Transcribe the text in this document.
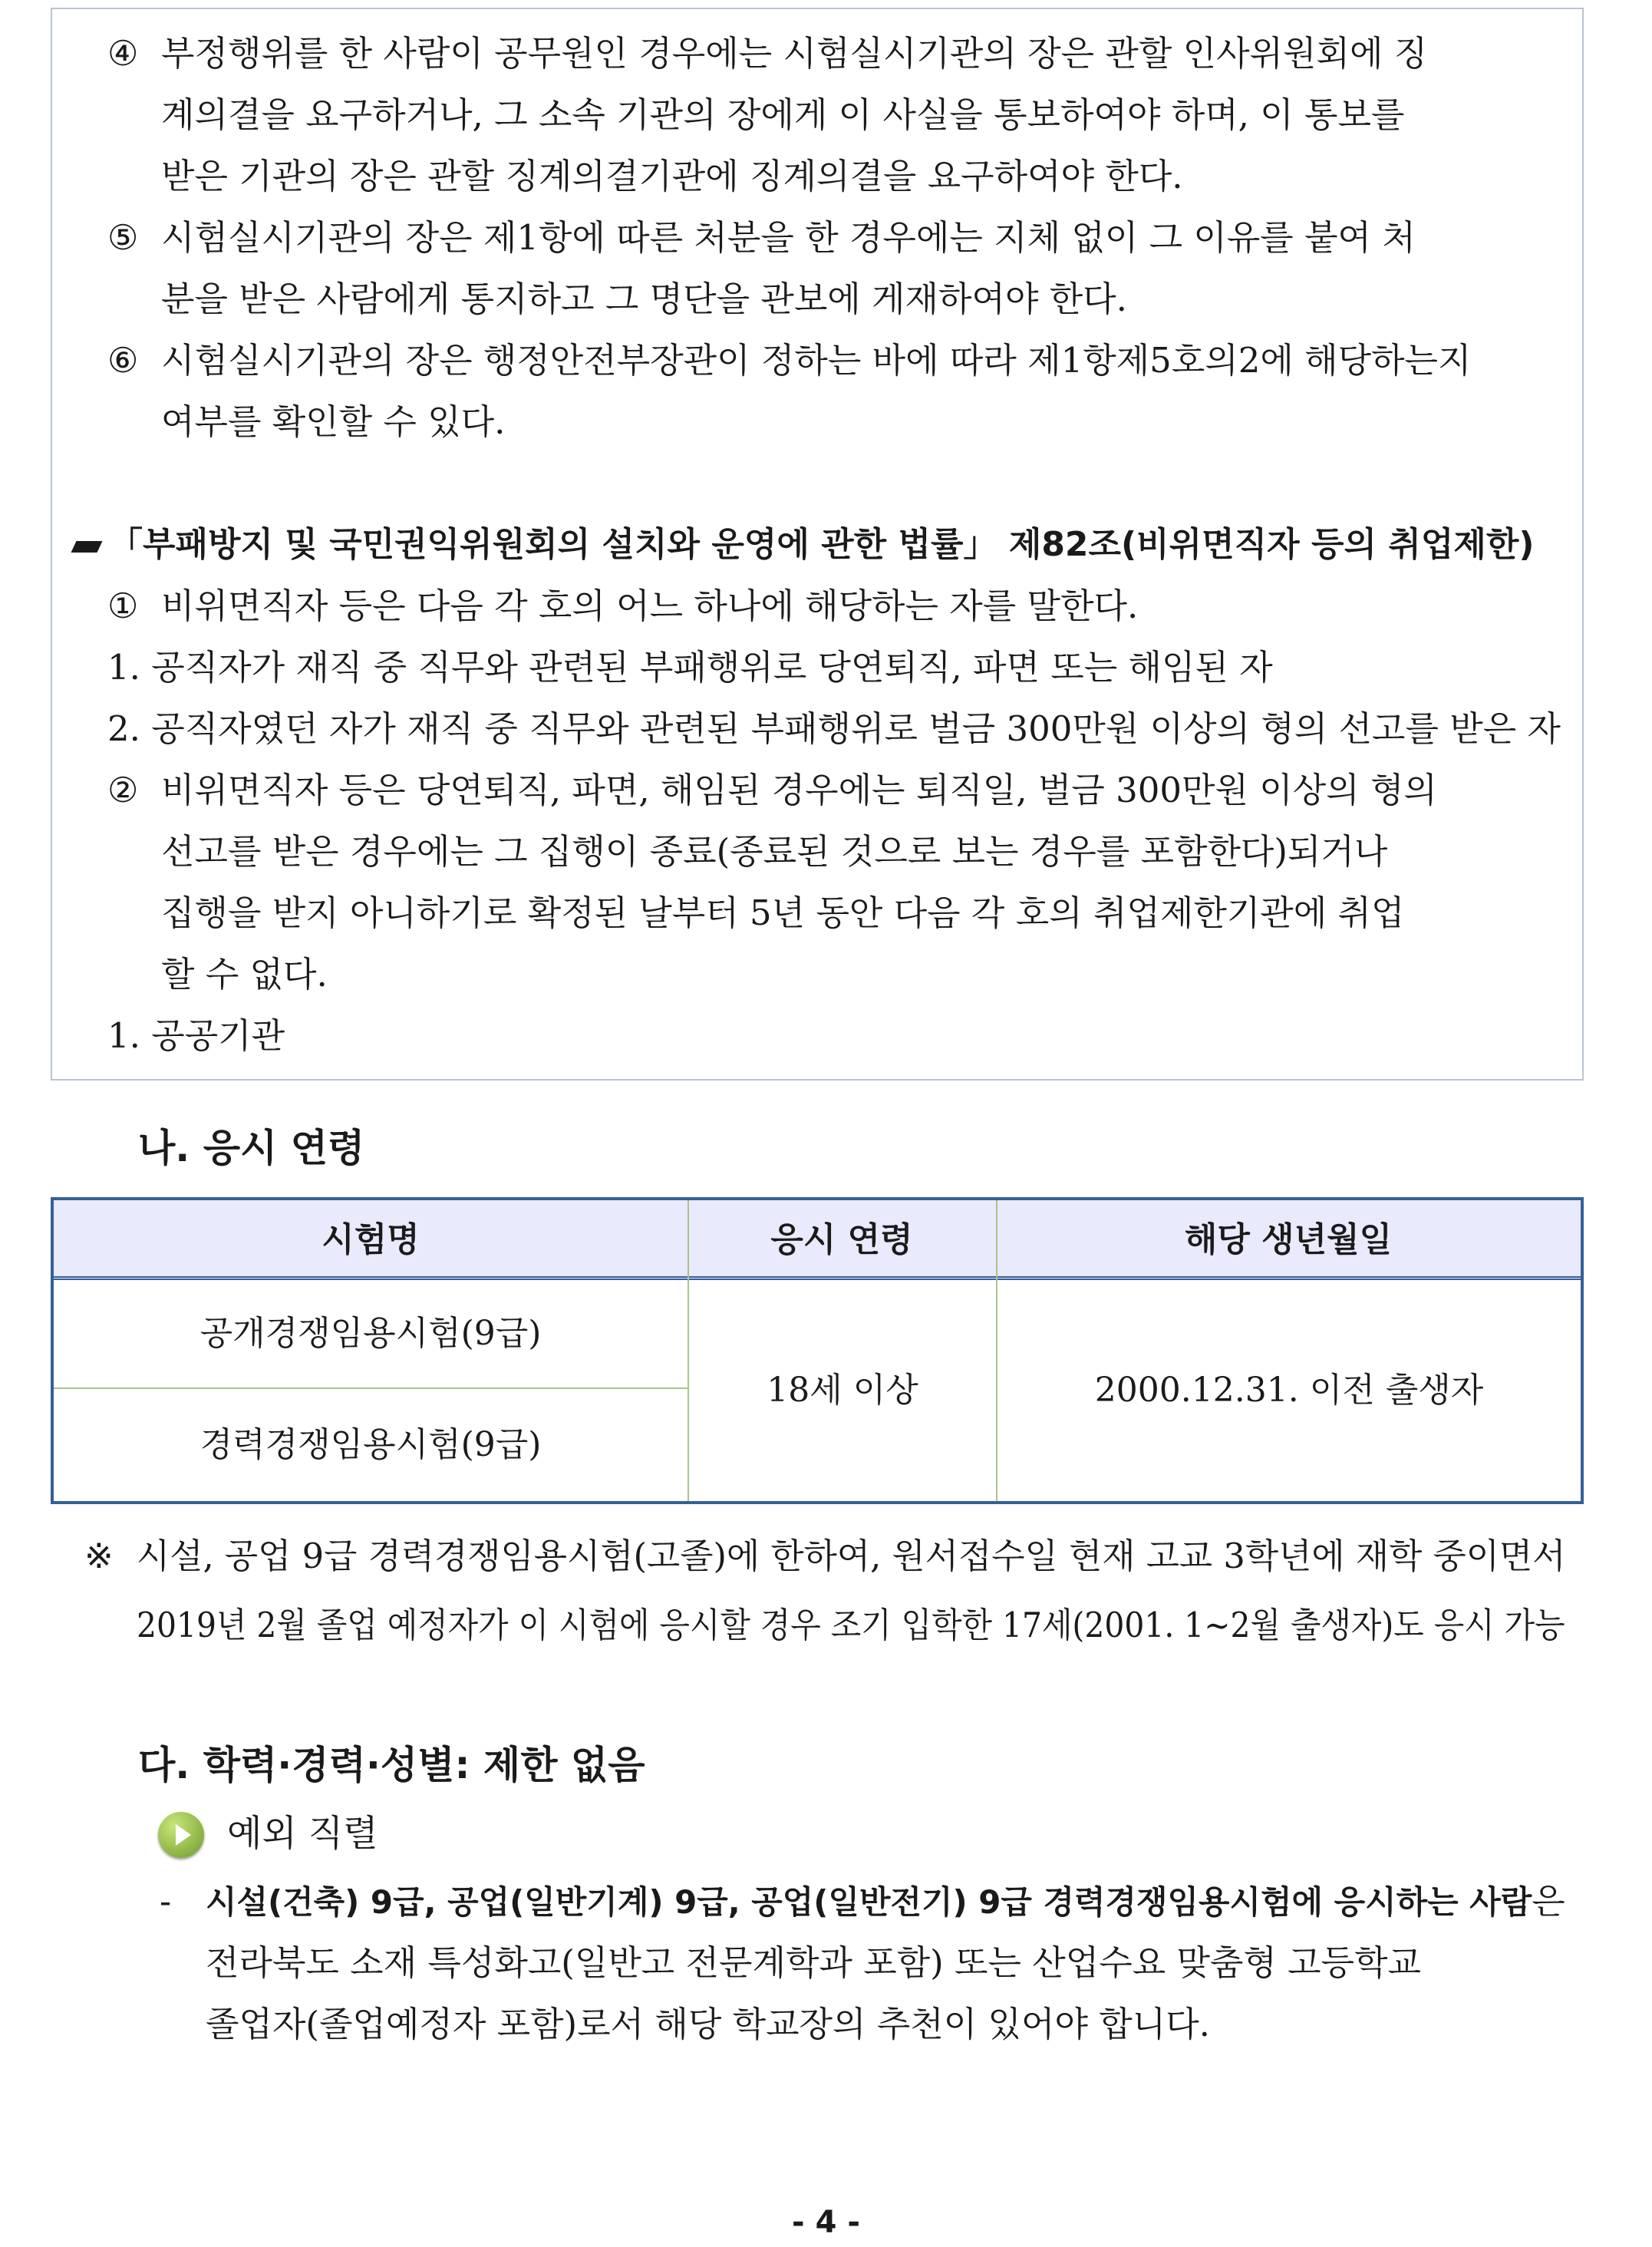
④ 부정행위를 한 사람이 공무원인 경우에는 시험실시기관의 장은 관할 인사위원회에 징
계의결을 요구하거나, 그 소속 기관의 장에게 이 사실을 통보하여야 하며, 이 통보를
받은 기관의 장은 관할 징계의결기관에 징계의결을 요구하여야 한다.
⑤ 시험실시기관의 장은 제1항에 따른 처분을 한 경우에는 지체 없이 그 이유를 붙여 처
분을 받은 사람에게 통지하고 그 명단을 관보에 게재하여야 한다.
⑥ 시험실시기관의 장은 행정안전부장관이 정하는 바에 따라 제1항제5호의2에 해당하는지
여부를 확인할 수 있다.
「부패방지 및 국민권익위원회의 설치와 운영에 관한 법률」 제82조(비위면직자 등의 취업제한)
① 비위면직자 등은 다음 각 호의 어느 하나에 해당하는 자를 말한다.
1. 공직자가 재직 중 직무와 관련된 부패행위로 당연퇴직, 파면 또는 해임된 자
2. 공직자였던 자가 재직 중 직무와 관련된 부패행위로 벌금 300만원 이상의 형의 선고를 받은 자
② 비위면직자 등은 당연퇴직, 파면, 해임된 경우에는 퇴직일, 벌금 300만원 이상의 형의
선고를 받은 경우에는 그 집행이 종료(종료된 것으로 보는 경우를 포함한다)되거나
집행을 받지 아니하기로 확정된 날부터 5년 동안 다음 각 호의 취업제한기관에 취업
할 수 없다.
1. 공공기관
나. 응시 연령
시험명	응시 연령	해당 생년월일
공개경쟁임용시험(9급)
경력경쟁임용시험(9급)
18세 이상	2000.12.31. 이전 출생자
※ 시설, 공업 9급 경력경쟁임용시험(고졸)에 한하여, 원서접수일 현재 고교 3학년에 재학 중이면서
2019년 2월 졸업 예정자가 이 시험에 응시할 경우 조기 입학한 17세(2001. 1~2월 출생자)도 응시 가능
다. 학력·경력·성별: 제한 없음
예외 직렬
- 시설(건축) 9급, 공업(일반기계) 9급, 공업(일반전기) 9급 경력경쟁임용시험에 응시하는 사람은
전라북도 소재 특성화고(일반고 전문계학과 포함) 또는 산업수요 맞춤형 고등학교
졸업자(졸업예정자 포함)로서 해당 학교장의 추천이 있어야 합니다.
- 4 -
